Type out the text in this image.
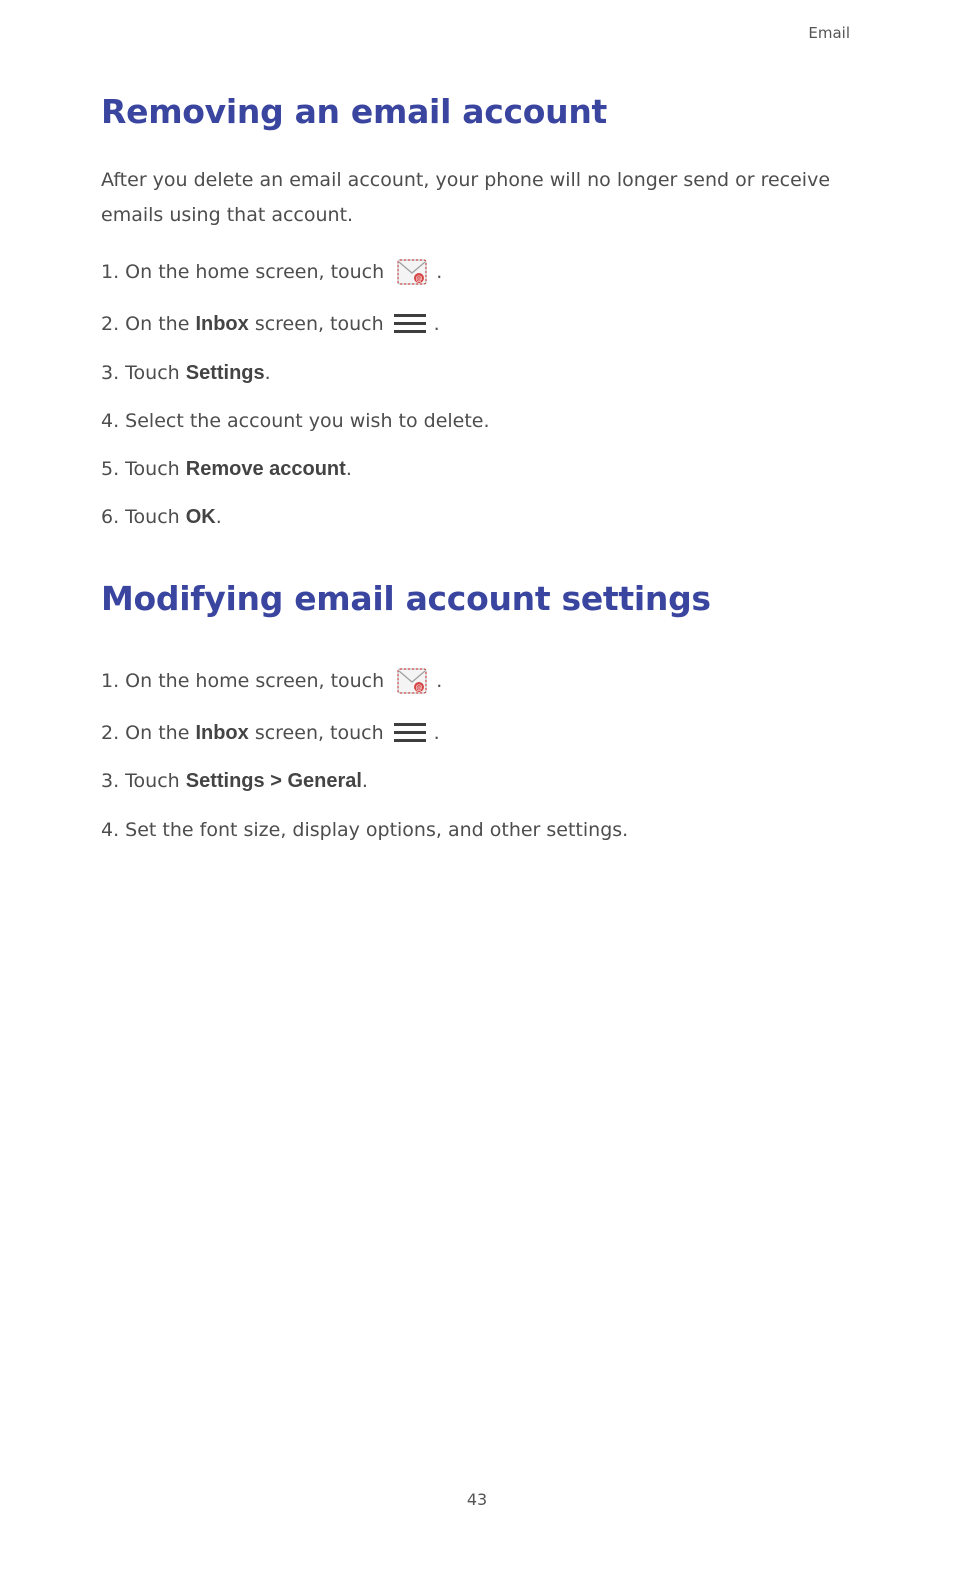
Email
Removing an email account

After you delete an email account, your phone will no longer send or receive emails using that account.

1. On the home screen, touch	@ .
2. On the Inbox screen, touch	.
3. Touch Settings .
4. Select the account you wish to delete.
5. Touch Remove account .
6. Touch OK .
Modifying email account settings
1. On the home screen, touch	@ .
2. On the Inbox screen, touch	.
3. Touch Settings > General .
4. Set the font size, display options, and other settings.
43
